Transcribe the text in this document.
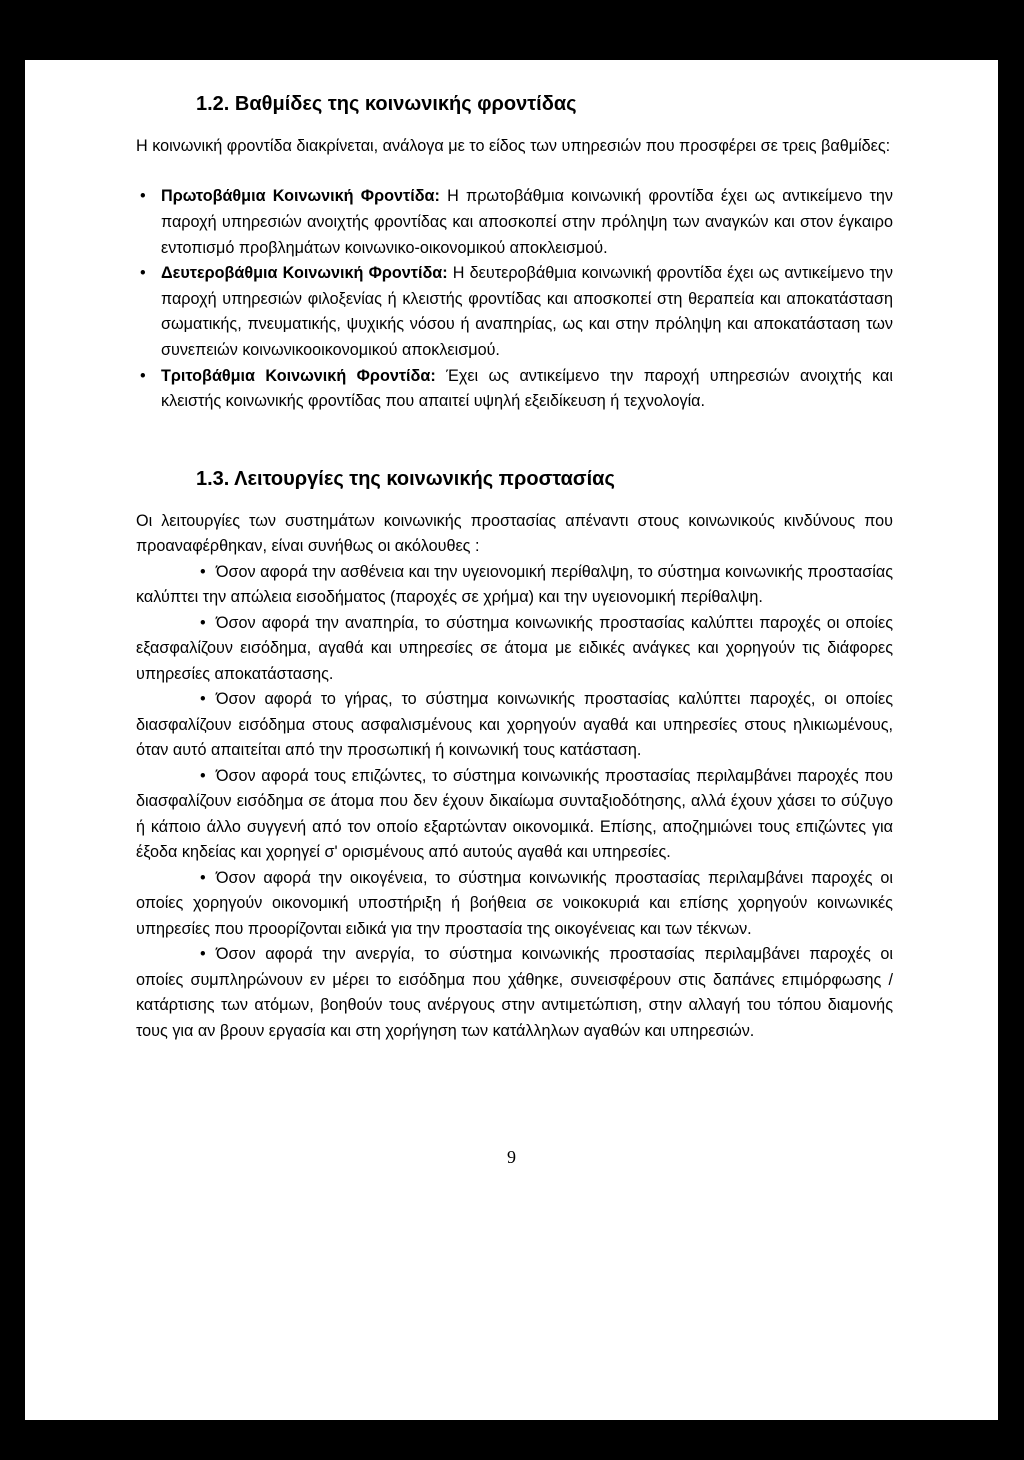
1.2. Βαθμίδες της κοινωνικής φροντίδας

Η κοινωνική φροντίδα διακρίνεται, ανάλογα με το είδος των υπηρεσιών που προσφέρει σε τρεις βαθμίδες:

• Πρωτοβάθμια Κοινωνική Φροντίδα: Η πρωτοβάθμια κοινωνική φροντίδα έχει ως αντικείμενο την παροχή υπηρεσιών ανοιχτής φροντίδας και αποσκοπεί στην πρόληψη των αναγκών και στον έγκαιρο εντοπισμό προβλημάτων κοινωνικο-οικονομικού αποκλεισμού.
• Δευτεροβάθμια Κοινωνική Φροντίδα: Η δευτεροβάθμια κοινωνική φροντίδα έχει ως αντικείμενο την παροχή υπηρεσιών φιλοξενίας ή κλειστής φροντίδας και αποσκοπεί στη θεραπεία και αποκατάσταση σωματικής, πνευματικής, ψυχικής νόσου ή αναπηρίας, ως και στην πρόληψη και αποκατάσταση των συνεπειών κοινωνικοοικονομικού αποκλεισμού.
• Τριτοβάθμια Κοινωνική Φροντίδα: Έχει ως αντικείμενο την παροχή υπηρεσιών ανοιχτής και κλειστής κοινωνικής φροντίδας που απαιτεί υψηλή εξειδίκευση ή τεχνολογία.
1.3. Λειτουργίες της κοινωνικής προστασίας

Οι λειτουργίες των συστημάτων κοινωνικής προστασίας απέναντι στους κοινωνικούς κινδύνους που προαναφέρθηκαν, είναι συνήθως οι ακόλουθες :

• Όσον αφορά την ασθένεια και την υγειονομική περίθαλψη, το σύστημα κοινωνικής προστασίας καλύπτει την απώλεια εισοδήματος (παροχές σε χρήμα) και την υγειονομική περίθαλψη.
• Όσον αφορά την αναπηρία, το σύστημα κοινωνικής προστασίας καλύπτει παροχές οι οποίες εξασφαλίζουν εισόδημα, αγαθά και υπηρεσίες σε άτομα με ειδικές ανάγκες και χορηγούν τις διάφορες υπηρεσίες αποκατάστασης.
• Όσον αφορά το γήρας, το σύστημα κοινωνικής προστασίας καλύπτει παροχές, οι οποίες διασφαλίζουν εισόδημα στους ασφαλισμένους και χορηγούν αγαθά και υπηρεσίες στους ηλικιωμένους, όταν αυτό απαιτείται από την προσωπική ή κοινωνική τους κατάσταση.
• Όσον αφορά τους επιζώντες, το σύστημα κοινωνικής προστασίας περιλαμβάνει παροχές που διασφαλίζουν εισόδημα σε άτομα που δεν έχουν δικαίωμα συνταξιοδότησης, αλλά έχουν χάσει το σύζυγο ή κάποιο άλλο συγγενή από τον οποίο εξαρτώνταν οικονομικά. Επίσης, αποζημιώνει τους επιζώντες για έξοδα κηδείας και χορηγεί σ' ορισμένους από αυτούς αγαθά και υπηρεσίες.
• Όσον αφορά την οικογένεια, το σύστημα κοινωνικής προστασίας περιλαμβάνει παροχές οι οποίες χορηγούν οικονομική υποστήριξη ή βοήθεια σε νοικοκυριά και επίσης χορηγούν κοινωνικές υπηρεσίες που προορίζονται ειδικά για την προστασία της οικογένειας και των τέκνων.
• Όσον αφορά την ανεργία, το σύστημα κοινωνικής προστασίας περιλαμβάνει παροχές οι οποίες συμπληρώνουν εν μέρει το εισόδημα που χάθηκε, συνεισφέρουν στις δαπάνες επιμόρφωσης / κατάρτισης των ατόμων, βοηθούν τους ανέργους στην αντιμετώπιση, στην αλλαγή του τόπου διαμονής τους για αν βρουν εργασία και στη χορήγηση των κατάλληλων αγαθών και υπηρεσιών.
9
